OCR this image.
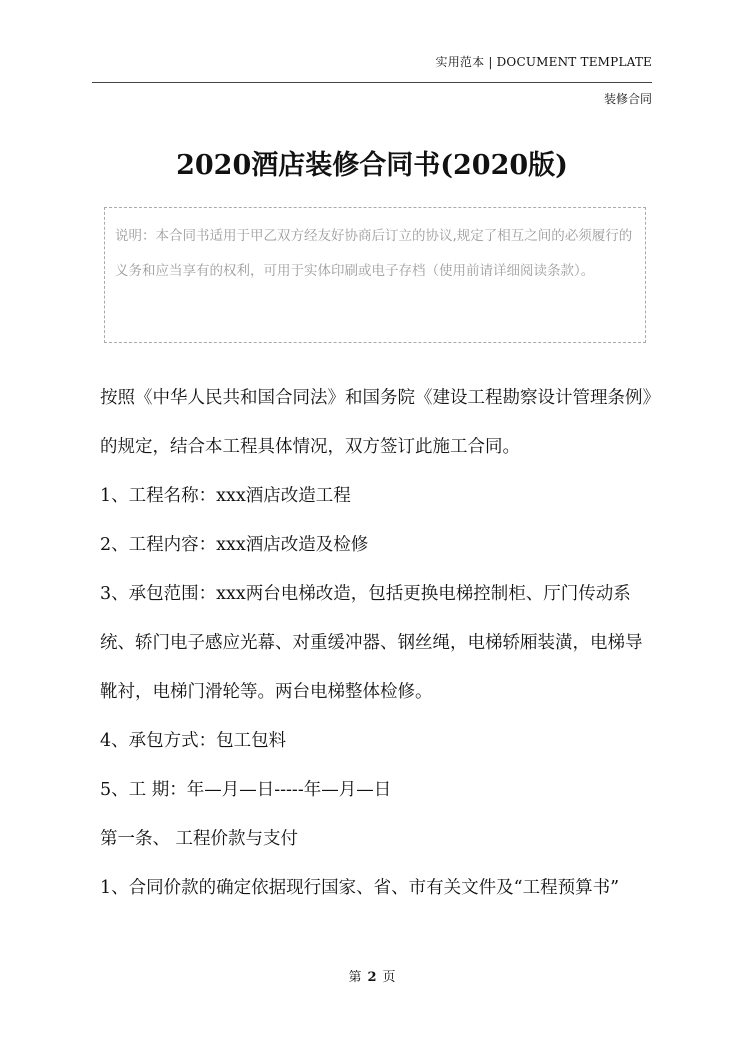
实用范本 | DOCUMENT TEMPLATE
装修合同
2020酒店装修合同书(2020版)
说明：本合同书适用于甲乙双方经友好协商后订立的协议,规定了相互之间的必须履行的义务和应当享有的权利，可用于实体印刷或电子存档（使用前请详细阅读条款）。

按照《中华人民共和国合同法》和国务院《建设工程勘察设计管理条例》的规定，结合本工程具体情况，双方签订此施工合同。

1、工程名称：xxx酒店改造工程

2、工程内容：xxx酒店改造及检修

3、承包范围：xxx两台电梯改造，包括更换电梯控制柜、厅门传动系统、轿门电子感应光幕、对重缓冲器、钢丝绳，电梯轿厢装潢，电梯导靴衬，电梯门滑轮等。两台电梯整体检修。

4、承包方式：包工包料

5、工 期：年—月—日-----年—月—日

第一条、 工程价款与支付

1、合同价款的确定依据现行国家、省、市有关文件及“工程预算书”

第 2 页
